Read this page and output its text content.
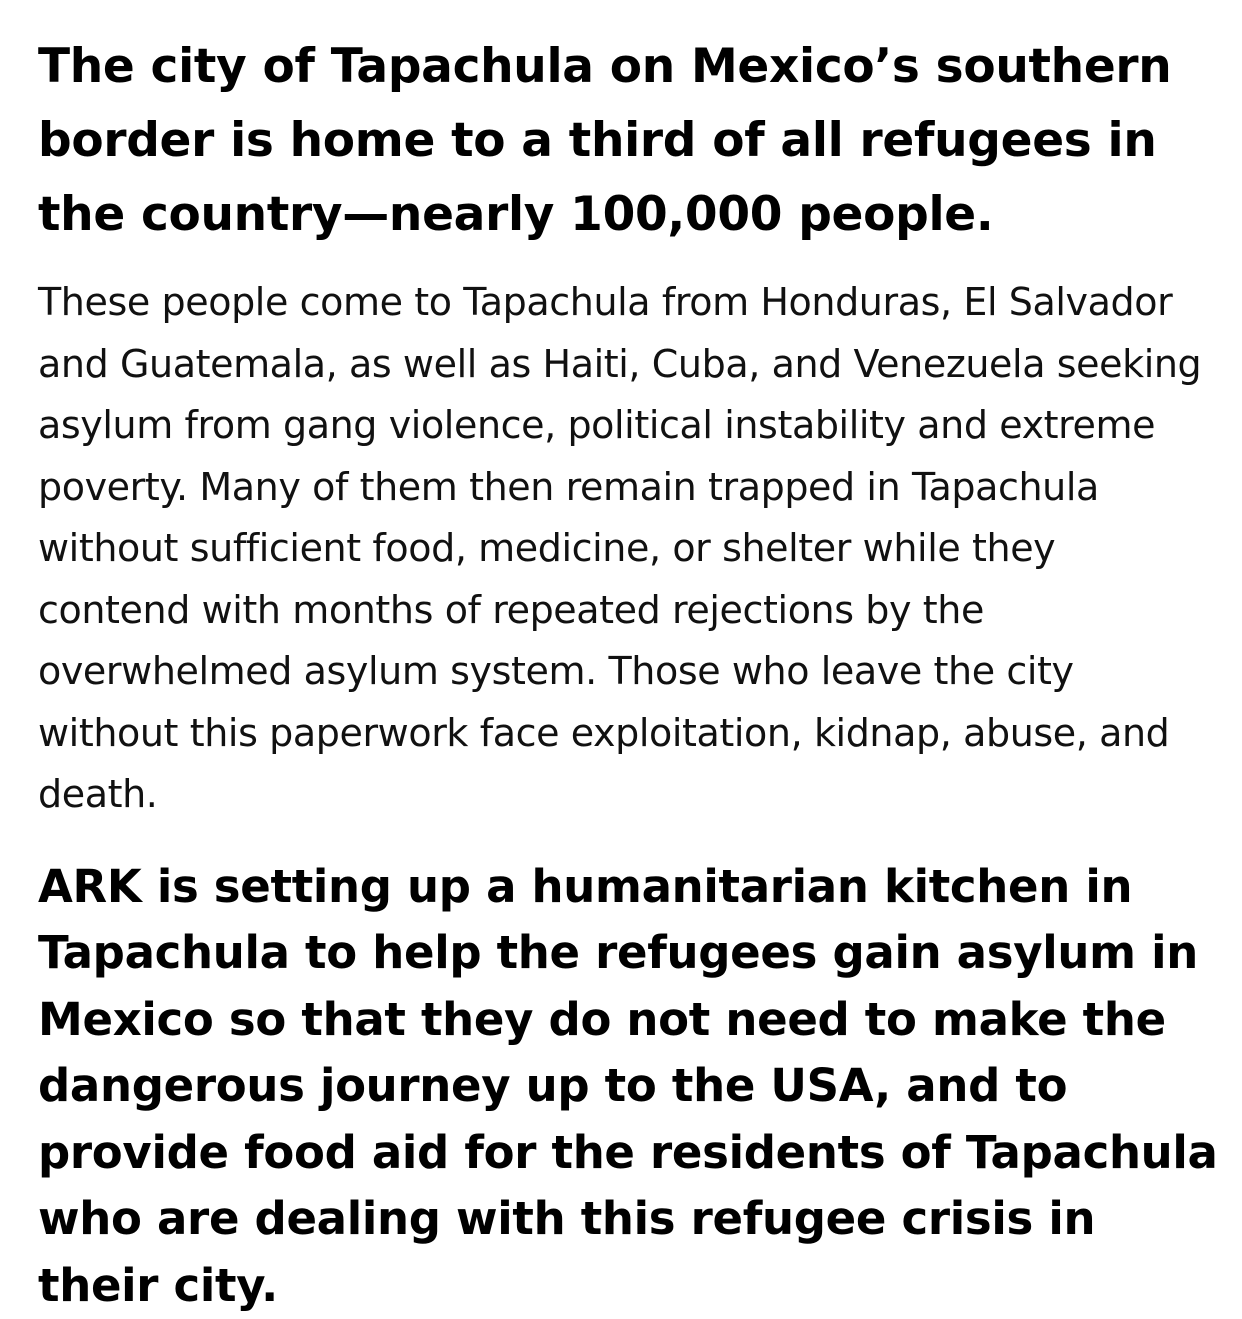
The city of Tapachula on Mexico’s southern border is home to a third of all refugees in the country—nearly 100,000 people.

These people come to Tapachula from Honduras, El Salvador and Guatemala, as well as Haiti, Cuba, and Venezuela seeking asylum from gang violence, political instability and extreme poverty. Many of them then remain trapped in Tapachula without sufficient food, medicine, or shelter while they contend with months of repeated rejections by the overwhelmed asylum system. Those who leave the city without this paperwork face exploitation, kidnap, abuse, and death.

ARK is setting up a humanitarian kitchen in Tapachula to help the refugees gain asylum in Mexico so that they do not need to make the dangerous journey up to the USA, and to provide food aid for the residents of Tapachula who are dealing with this refugee crisis in their city.
